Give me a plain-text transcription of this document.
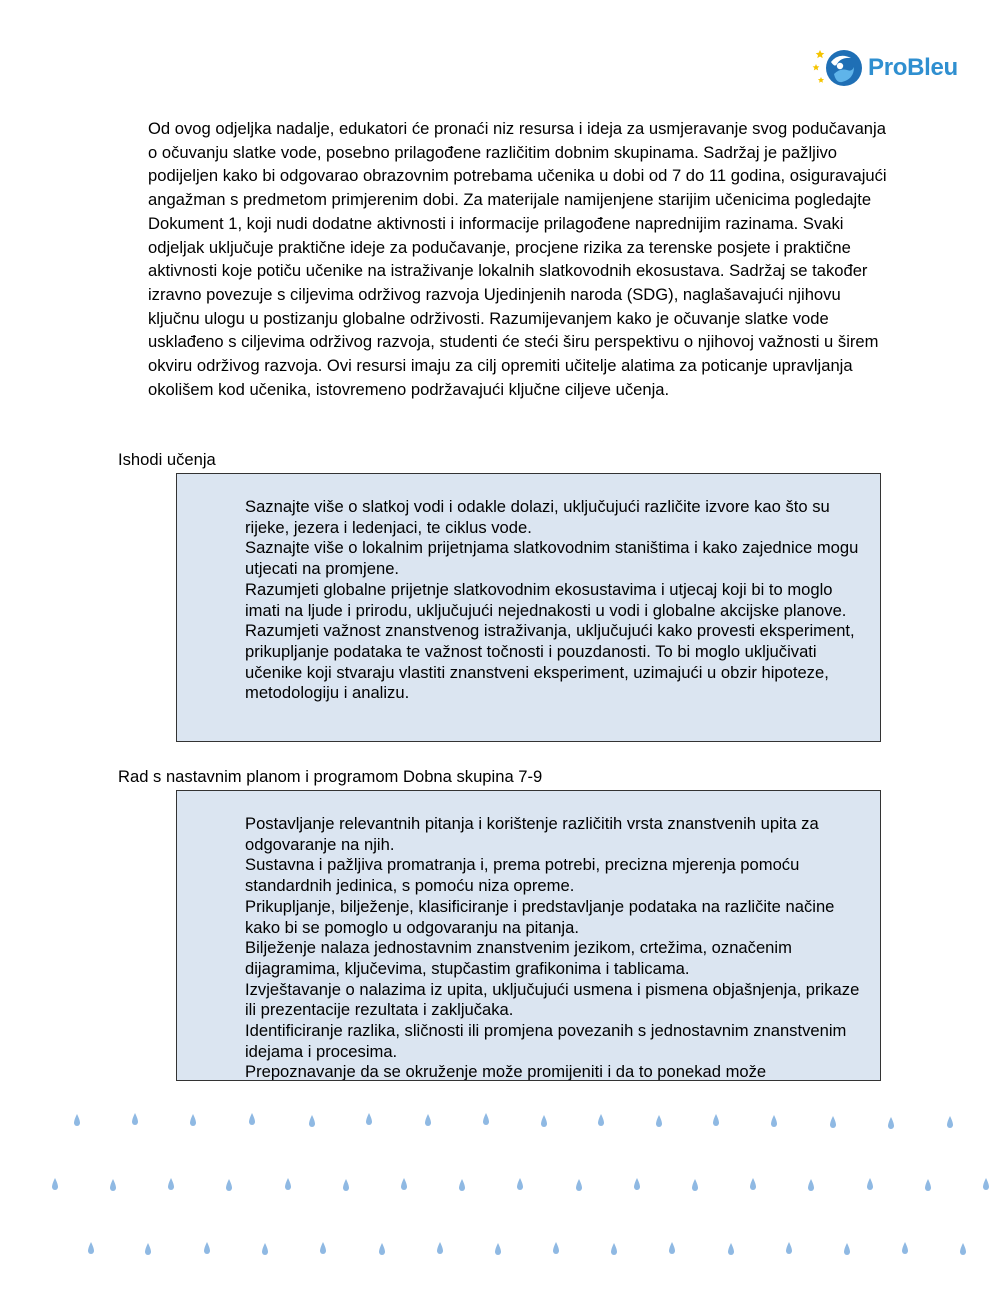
ProBleu

Od ovog odjeljka nadalje, edukatori će pronaći niz resursa i ideja za usmjeravanje svog podučavanja o očuvanju slatke vode, posebno prilagođene različitim dobnim skupinama. Sadržaj je pažljivo podijeljen kako bi odgovarao obrazovnim potrebama učenika u dobi od 7 do 11 godina, osiguravajući angažman s predmetom primjerenim dobi. Za materijale namijenjene starijim učenicima pogledajte Dokument 1, koji nudi dodatne aktivnosti i informacije prilagođene naprednijim razinama. Svaki odjeljak uključuje praktične ideje za podučavanje, procjene rizika za terenske posjete i praktične aktivnosti koje potiču učenike na istraživanje lokalnih slatkovodnih ekosustava. Sadržaj se također izravno povezuje s ciljevima održivog razvoja Ujedinjenih naroda (SDG), naglašavajući njihovu ključnu ulogu u postizanju globalne održivosti. Razumijevanjem kako je očuvanje slatke vode usklađeno s ciljevima održivog razvoja, studenti će steći širu perspektivu o njihovoj važnosti u širem okviru održivog razvoja. Ovi resursi imaju za cilj opremiti učitelje alatima za poticanje upravljanja okolišem kod učenika, istovremeno podržavajući ključne ciljeve učenja.

Ishodi učenja

Saznajte više o slatkoj vodi i odakle dolazi, uključujući različite izvore kao što su rijeke, jezera i ledenjaci, te ciklus vode.

Saznajte više o lokalnim prijetnjama slatkovodnim staništima i kako zajednice mogu utjecati na promjene.

Razumjeti globalne prijetnje slatkovodnim ekosustavima i utjecaj koji bi to moglo imati na ljude i prirodu, uključujući nejednakosti u vodi i globalne akcijske planove.

Razumjeti važnost znanstvenog istraživanja, uključujući kako provesti eksperiment, prikupljanje podataka te važnost točnosti i pouzdanosti. To bi moglo uključivati učenike koji stvaraju vlastiti znanstveni eksperiment, uzimajući u obzir hipoteze, metodologiju i analizu.

Rad s nastavnim planom i programom Dobna skupina 7-9

Postavljanje relevantnih pitanja i korištenje različitih vrsta znanstvenih upita za odgovaranje na njih.

Sustavna i pažljiva promatranja i, prema potrebi, precizna mjerenja pomoću standardnih jedinica, s pomoću niza opreme.

Prikupljanje, bilježenje, klasificiranje i predstavljanje podataka na različite načine kako bi se pomoglo u odgovaranju na pitanja.

Bilježenje nalaza jednostavnim znanstvenim jezikom, crtežima, označenim dijagramima, ključevima, stupčastim grafikonima i tablicama.

Izvještavanje o nalazima iz upita, uključujući usmena i pismena objašnjenja, prikaze ili prezentacije rezultata i zaključaka.

Identificiranje razlika, sličnosti ili promjena povezanih s jednostavnim znanstvenim idejama i procesima.

Prepoznavanje da se okruženje može promijeniti i da to ponekad može
